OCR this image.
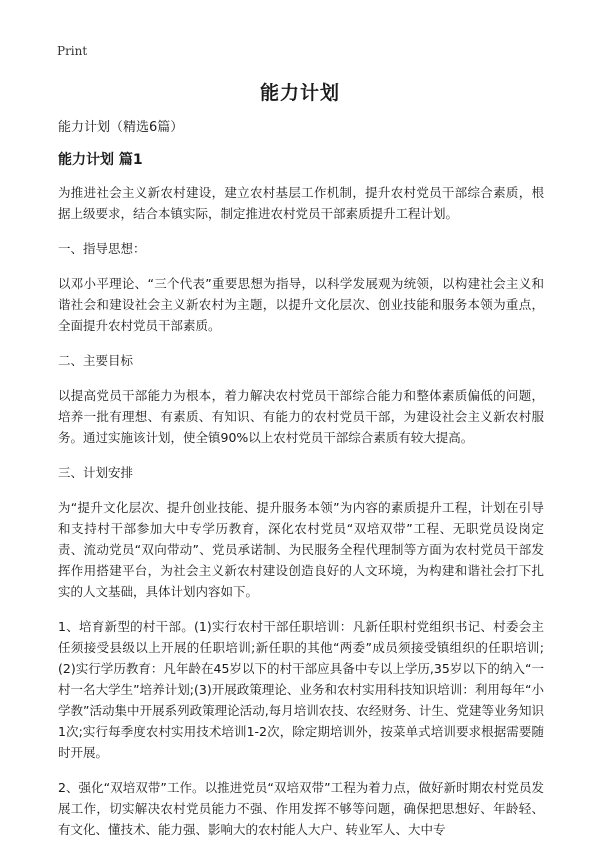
Print
能力计划

能力计划（精选6篇）

能力计划 篇1

为推进社会主义新农村建设，建立农村基层工作机制，提升农村党员干部综合素质，根据上级要求，结合本镇实际，制定推进农村党员干部素质提升工程计划。

一、指导思想：

以邓小平理论、“三个代表”重要思想为指导，以科学发展观为统领，以构建社会主义和谐社会和建设社会主义新农村为主题，以提升文化层次、创业技能和服务本领为重点，全面提升农村党员干部素质。

二、主要目标

以提高党员干部能力为根本，着力解决农村党员干部综合能力和整体素质偏低的问题，培养一批有理想、有素质、有知识、有能力的农村党员干部，为建设社会主义新农村服务。通过实施该计划，使全镇90%以上农村党员干部综合素质有较大提高。

三、计划安排

为“提升文化层次、提升创业技能、提升服务本领”为内容的素质提升工程，计划在引导和支持村干部参加大中专学历教育，深化农村党员“双培双带”工程、无职党员设岗定责、流动党员“双向带动”、党员承诺制、为民服务全程代理制等方面为农村党员干部发挥作用搭建平台，为社会主义新农村建设创造良好的人文环境，为构建和谐社会打下扎实的人文基础，具体计划内容如下。

1、培育新型的村干部。(1)实行农村干部任职培训：凡新任职村党组织书记、村委会主任须接受县级以上开展的任职培训;新任职的其他“两委”成员须接受镇组织的任职培训;(2)实行学历教育：凡年龄在45岁以下的村干部应具备中专以上学历,35岁以下的纳入“一村一名大学生”培养计划;(3)开展政策理论、业务和农村实用科技知识培训：利用每年“小学教”活动集中开展系列政策理论活动,每月培训农技、农经财务、计生、党建等业务知识1次;实行每季度农村实用技术培训1-2次，除定期培训外，按菜单式培训要求根据需要随时开展。

2、强化“双培双带”工作。以推进党员“双培双带”工程为着力点，做好新时期农村党员发展工作，切实解决农村党员能力不强、作用发挥不够等问题，确保把思想好、年龄轻、有文化、懂技术、能力强、影响大的农村能人大户、转业军人、大中专
